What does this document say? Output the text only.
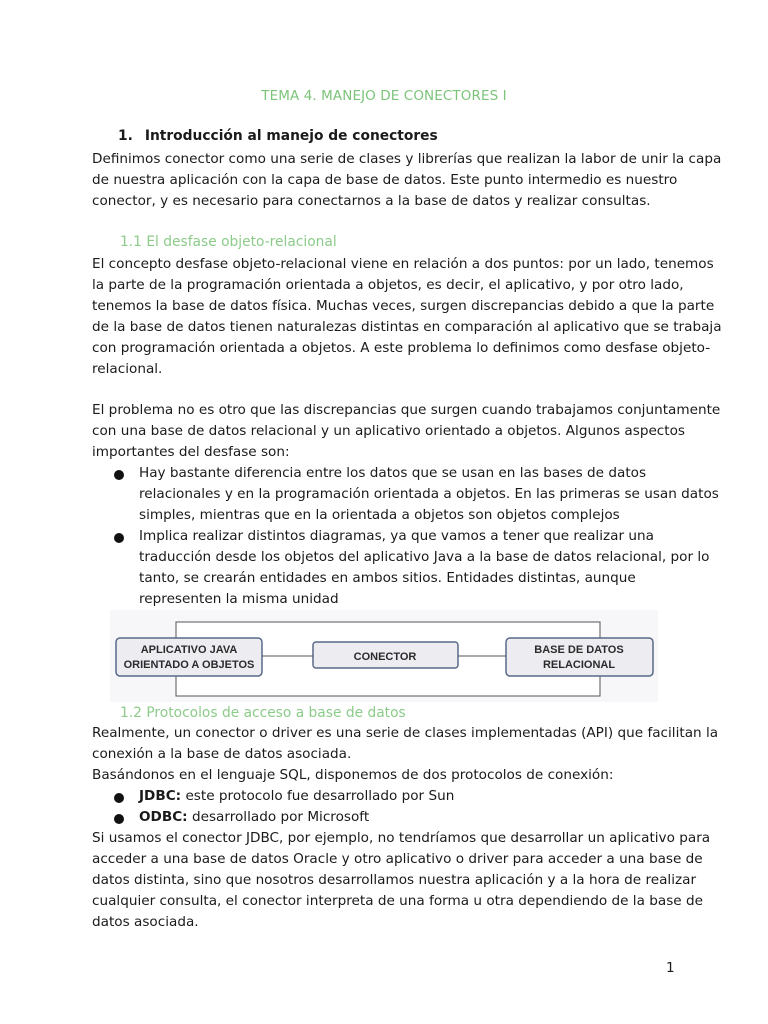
TEMA 4. MANEJO DE CONECTORES I
1. Introducción al manejo de conectores

Definimos conector como una serie de clases y librerías que realizan la labor de unir la capa

de nuestra aplicación con la capa de base de datos. Este punto intermedio es nuestro

conector, y es necesario para conectarnos a la base de datos y realizar consultas.

1.1 El desfase objeto-relacional

El concepto desfase objeto-relacional viene en relación a dos puntos: por un lado, tenemos

la parte de la programación orientada a objetos, es decir, el aplicativo, y por otro lado,

tenemos la base de datos física. Muchas veces, surgen discrepancias debido a que la parte

de la base de datos tienen naturalezas distintas en comparación al aplicativo que se trabaja

con programación orientada a objetos. A este problema lo definimos como desfase objeto-

relacional.

El problema no es otro que las discrepancias que surgen cuando trabajamos conjuntamente

con una base de datos relacional y un aplicativo orientado a objetos. Algunos aspectos

importantes del desfase son:

Hay bastante diferencia entre los datos que se usan en las bases de datos

relacionales y en la programación orientada a objetos. En las primeras se usan datos

simples, mientras que en la orientada a objetos son objetos complejos

Implica realizar distintos diagramas, ya que vamos a tener que realizar una

traducción desde los objetos del aplicativo Java a la base de datos relacional, por lo

tanto, se crearán entidades en ambos sitios. Entidades distintas, aunque

representen la misma unidad

APLICATIVO JAVA
ORIENTADO A OBJETOS
CONECTOR
BASE DE DATOS
RELACIONAL
1.2 Protocolos de acceso a base de datos

Realmente, un conector o driver es una serie de clases implementadas (API) que facilitan la

conexión a la base de datos asociada.

Basándonos en el lenguaje SQL, disponemos de dos protocolos de conexión:

JDBC: este protocolo fue desarrollado por Sun

ODBC: desarrollado por Microsoft

Si usamos el conector JDBC, por ejemplo, no tendríamos que desarrollar un aplicativo para

acceder a una base de datos Oracle y otro aplicativo o driver para acceder a una base de

datos distinta, sino que nosotros desarrollamos nuestra aplicación y a la hora de realizar

cualquier consulta, el conector interpreta de una forma u otra dependiendo de la base de

datos asociada.

1
